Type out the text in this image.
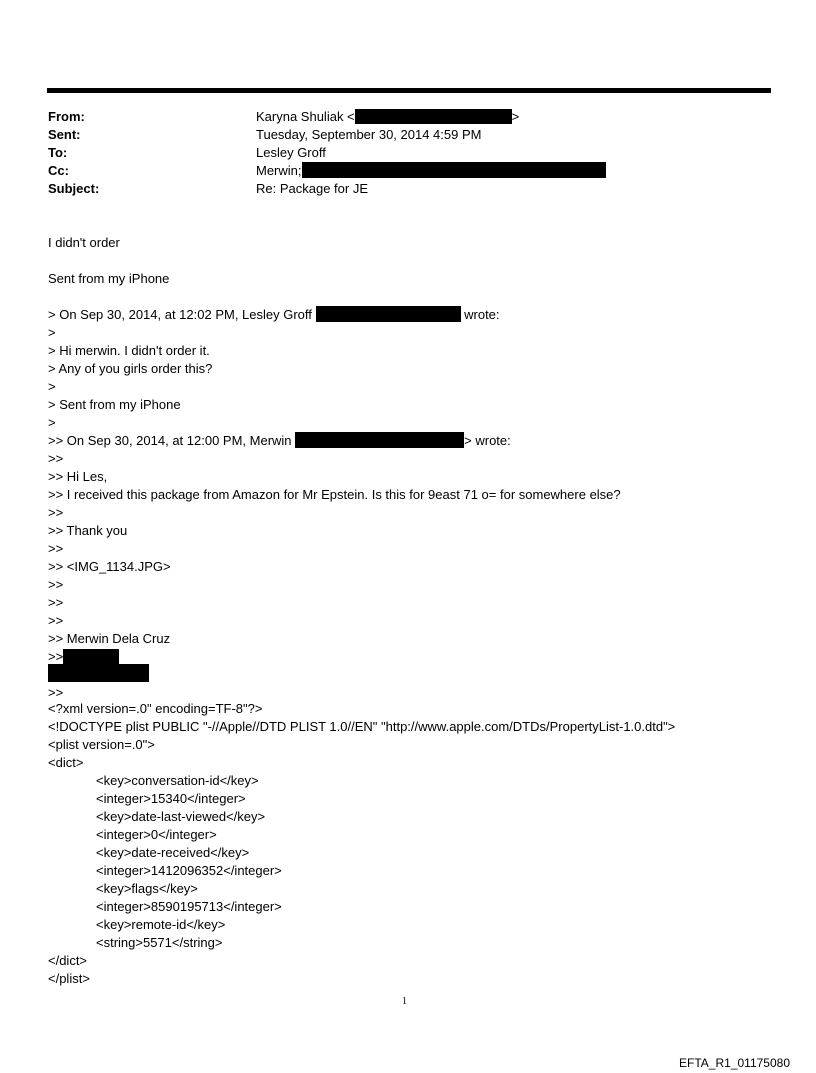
From:	Karyna Shuliak <	>
Sent:	Tuesday, September 30, 2014 4:59 PM
To:	Lesley Groff
Cc:	Merwin;
Subject:	Re: Package for JE
I didn't order
Sent from my iPhone
> On Sep 30, 2014, at 12:02 PM, Lesley Groff	wrote:
>
> Hi merwin. I didn't order it.
> Any of you girls order this?
>
> Sent from my iPhone
>
>> On Sep 30, 2014, at 12:00 PM, Merwin	> wrote:
>>
>> Hi Les,
>> I received this package from Amazon for Mr Epstein. Is this for 9east 71 o= for somewhere else?
>>
>> Thank you
>>
>> <IMG_1134.JPG>
>>
>>
>>
>> Merwin Dela Cruz
>>
>>
<?xml version=.0" encoding=TF-8"?>
<!DOCTYPE plist PUBLIC "-//Apple//DTD PLIST 1.0//EN" "http://www.apple.com/DTDs/PropertyList-1.0.dtd">
<plist version=.0">
<dict>
<key>conversation-id</key>
<integer>15340</integer>
<key>date-last-viewed</key>
<integer>0</integer>
<key>date-received</key>
<integer>1412096352</integer>
<key>flags</key>
<integer>8590195713</integer>
<key>remote-id</key>
<string>5571</string>
</dict>
</plist>
1
EFTA_R1_01175080
